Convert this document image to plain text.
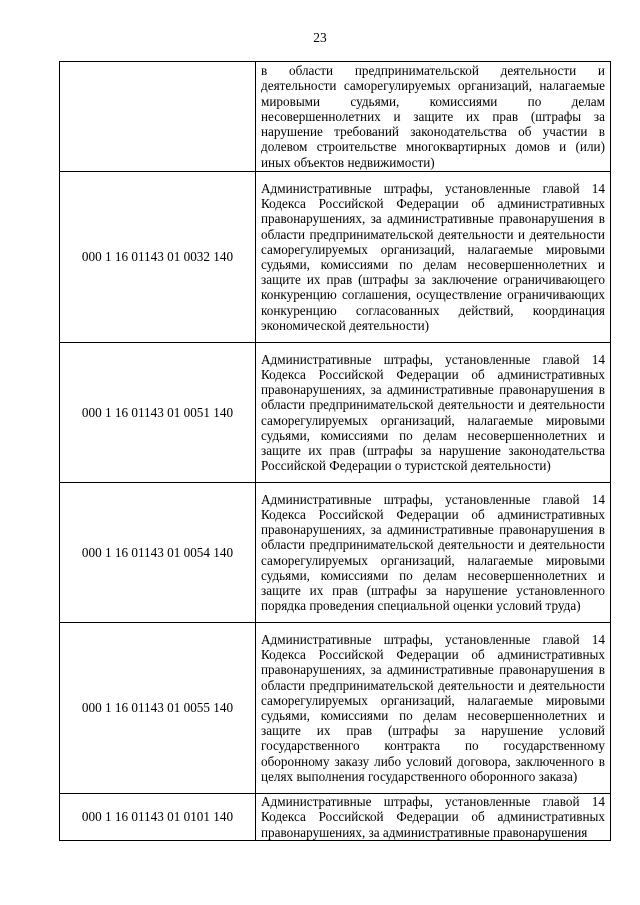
23
	в области предпринимательской деятельности и деятельности саморегулируемых организаций, налагаемые мировыми судьями, комиссиями по делам несовершеннолетних и защите их прав (штрафы за нарушение требований законодательства об участии в долевом строительстве многоквартирных домов и (или) иных объектов недвижимости)
000 1 16 01143 01 0032 140	Административные штрафы, установленные главой 14 Кодекса Российской Федерации об административных правонарушениях, за административные правонарушения в области предпринимательской деятельности и деятельности саморегулируемых организаций, налагаемые мировыми судьями, комиссиями по делам несовершеннолетних и защите их прав (штрафы за заключение ограничивающего конкуренцию соглашения, осуществление ограничивающих конкуренцию согласованных действий, координация экономической деятельности)
000 1 16 01143 01 0051 140	Административные штрафы, установленные главой 14 Кодекса Российской Федерации об административных правонарушениях, за административные правонарушения в области предпринимательской деятельности и деятельности саморегулируемых организаций, налагаемые мировыми судьями, комиссиями по делам несовершеннолетних и защите их прав (штрафы за нарушение законодательства Российской Федерации о туристской деятельности)
000 1 16 01143 01 0054 140	Административные штрафы, установленные главой 14 Кодекса Российской Федерации об административных правонарушениях, за административные правонарушения в области предпринимательской деятельности и деятельности саморегулируемых организаций, налагаемые мировыми судьями, комиссиями по делам несовершеннолетних и защите их прав (штрафы за нарушение установленного порядка проведения специальной оценки условий труда)
000 1 16 01143 01 0055 140	Административные штрафы, установленные главой 14 Кодекса Российской Федерации об административных правонарушениях, за административные правонарушения в области предпринимательской деятельности и деятельности саморегулируемых организаций, налагаемые мировыми судьями, комиссиями по делам несовершеннолетних и защите их прав (штрафы за нарушение условий государственного контракта по государственному оборонному заказу либо условий договора, заключенного в целях выполнения государственного оборонного заказа)
000 1 16 01143 01 0101 140	Административные штрафы, установленные главой 14 Кодекса Российской Федерации об административных правонарушениях, за административные правонарушения
